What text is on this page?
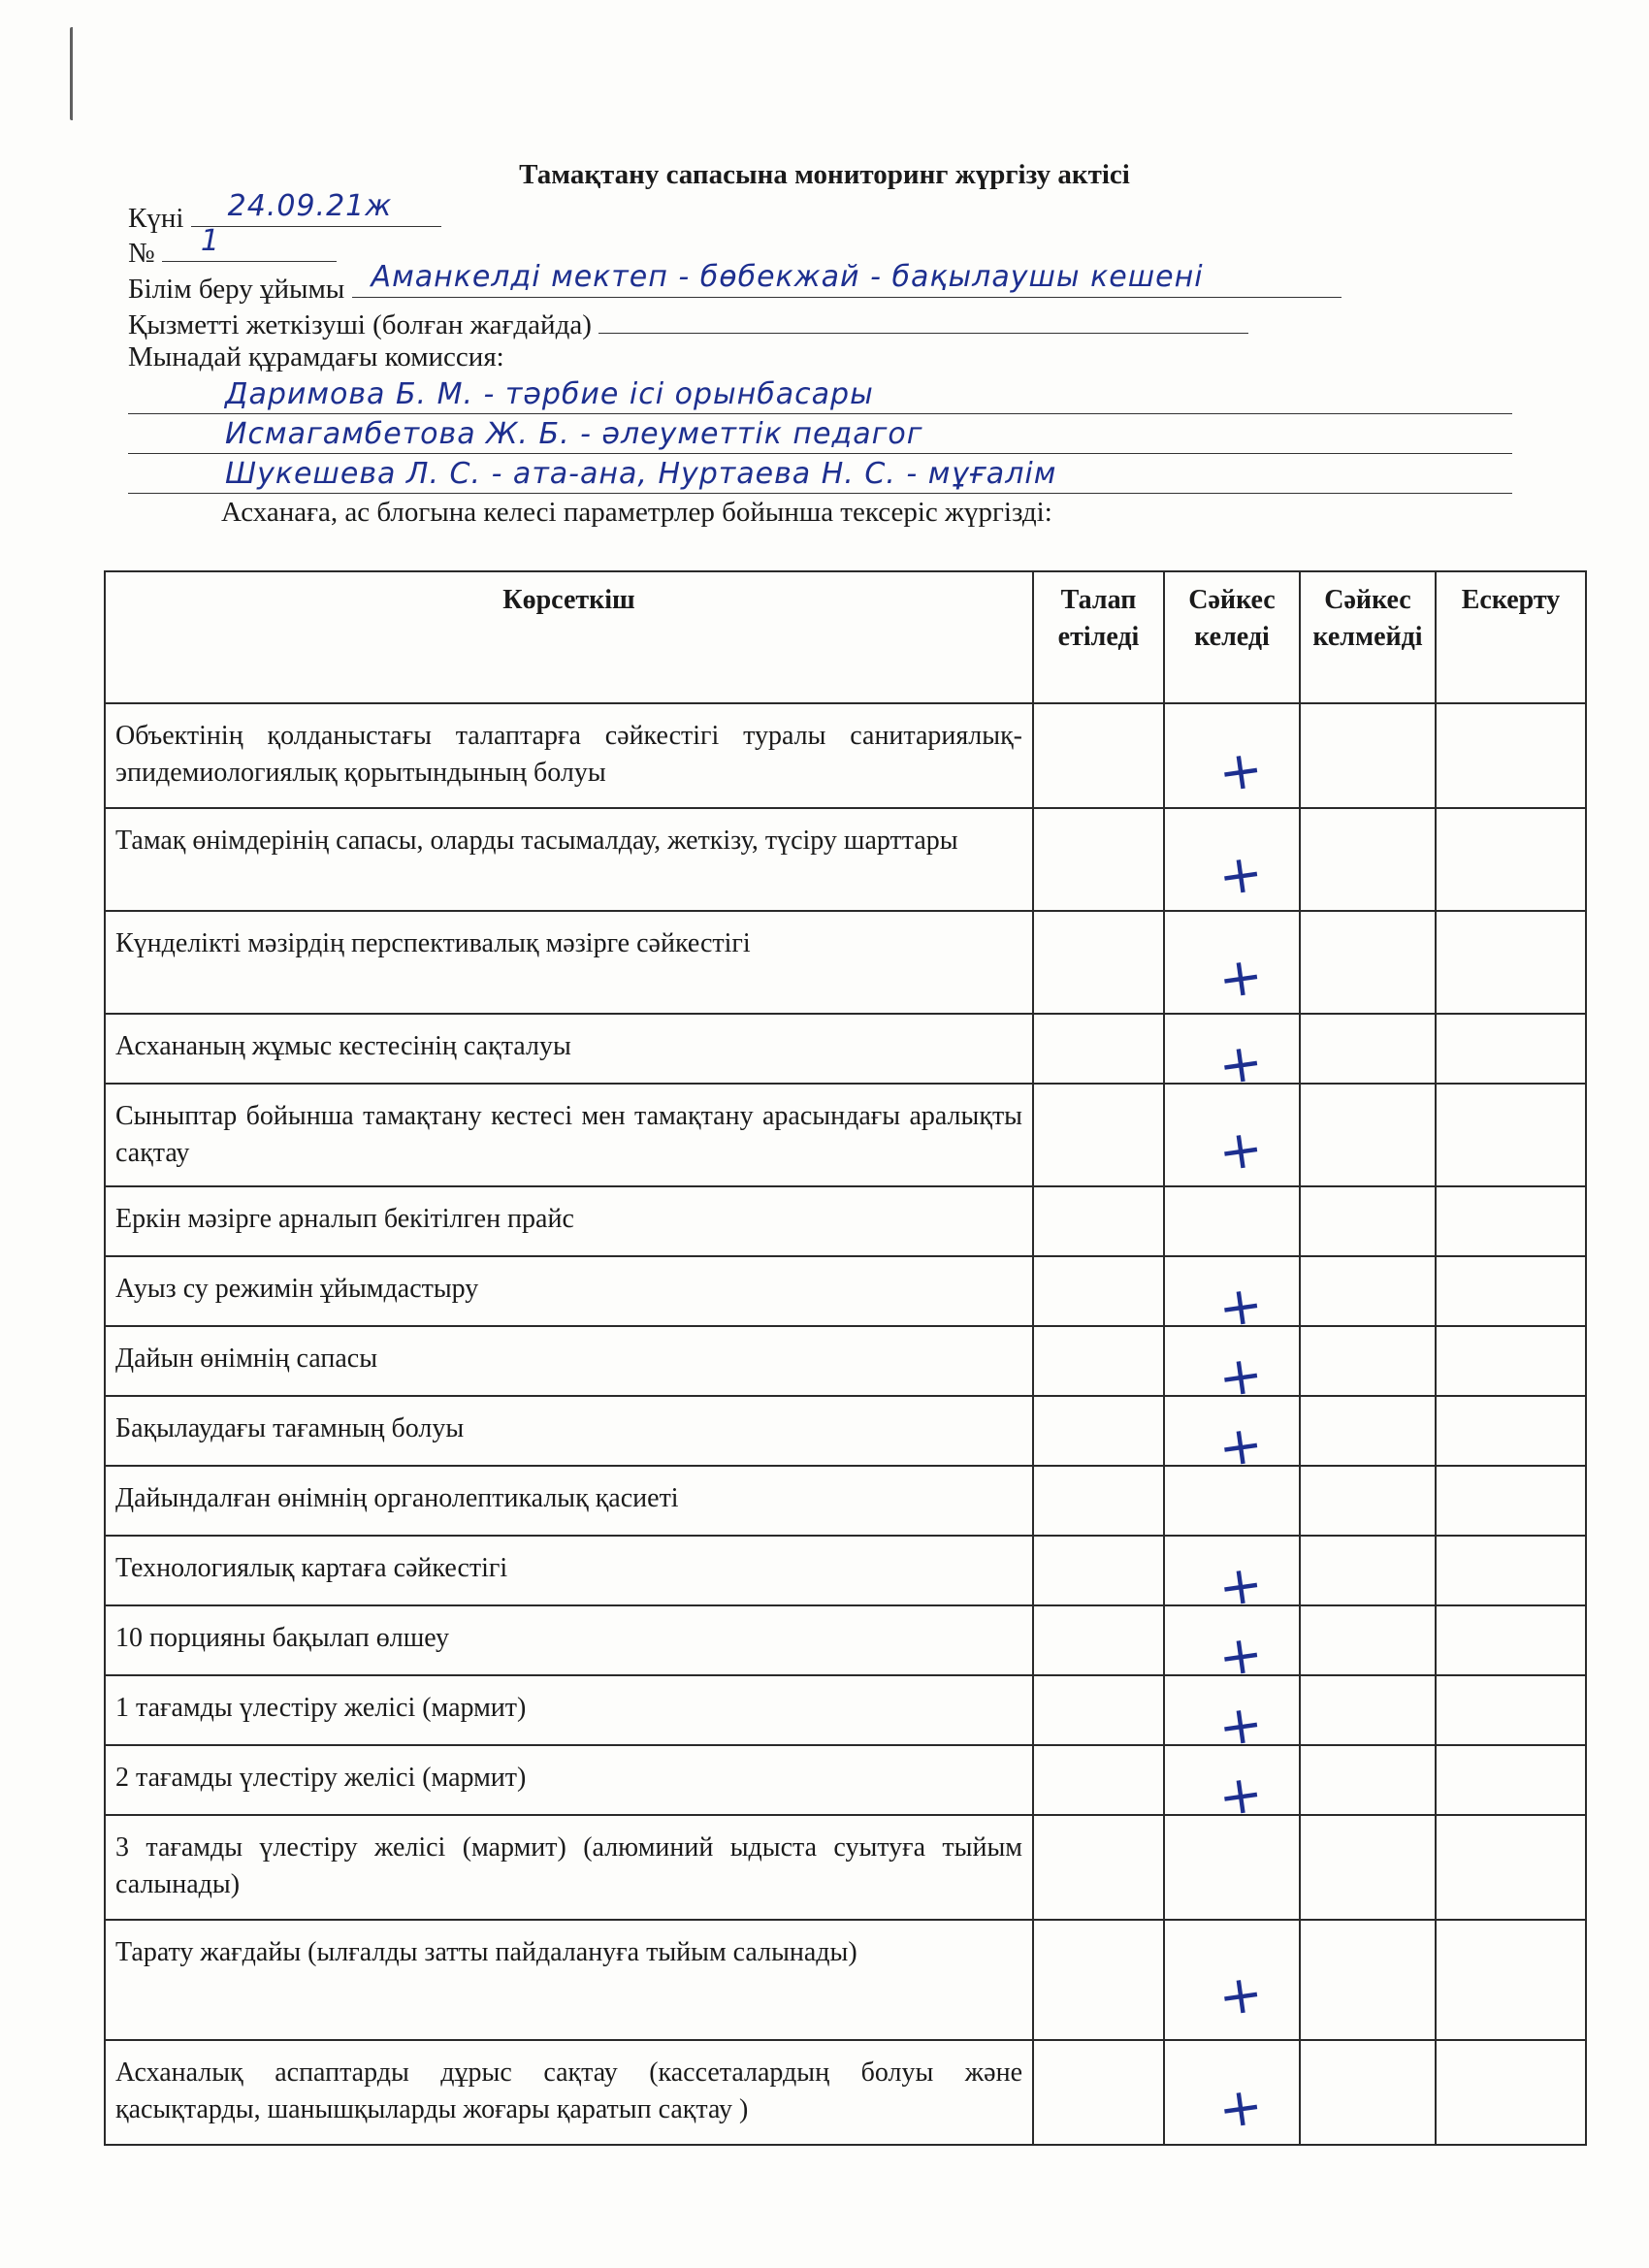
Тамақтану сапасына мониторинг жүргізу актісі
Күні 24.09.21ж
№ 1
Білім беру ұйымы Аманкелді мектеп - бөбекжай - бақылаушы кешені
Қызметті жеткізуші (болған жағдайда)
Мынадай құрамдағы комиссия:
Даримова Б. М. - тәрбие ісі орынбасары
Исмагамбетова Ж. Б. - әлеуметтік педагог
Шукешева Л. С. - ата-ана, Нуртаева Н. С. - мұғалім
Асханаға, ас блогына келесі параметрлер бойынша тексеріс жүргізді:
Көрсеткіш	Талап етіледі	Сәйкес келеді	Сәйкес келмейді	Ескерту
Объектінің қолданыстағы талаптарға сәйкестігі туралы санитариялық-эпидемиологиялық қорытындының болуы		+		

Тамақ өнімдерінің сапасы, оларды тасымалдау, жеткізу, түсіру шарттары		+		

Күнделікті мәзірдің перспективалық мәзірге сәйкестігі		+		

Асхананың жұмыс кестесінің сақталуы		+		

Сыныптар бойынша тамақтану кестесі мен тамақтану арасындағы аралықты сақтау		+		

Еркін мәзірге арналып бекітілген прайс				
Ауыз су режимін ұйымдастыру		+		

Дайын өнімнің сапасы		+		

Бақылаудағы тағамның болуы		+		

Дайындалған өнімнің органолептикалық қасиеті				
Технологиялық картаға сәйкестігі		+		

10 порцияны бақылап өлшеу		+		

1 тағамды үлестіру желісі (мармит)		+		

2 тағамды үлестіру желісі (мармит)		+		

3 тағамды үлестіру желісі (мармит) (алюминий ыдыста суытуға тыйым салынады)				
Тарату жағдайы (ылғалды затты пайдалануға тыйым салынады)		+		

Асханалық аспаптарды дұрыс сақтау (кассеталардың болуы және қасықтарды, шанышқыларды жоғары қаратып сақтау )		+		
